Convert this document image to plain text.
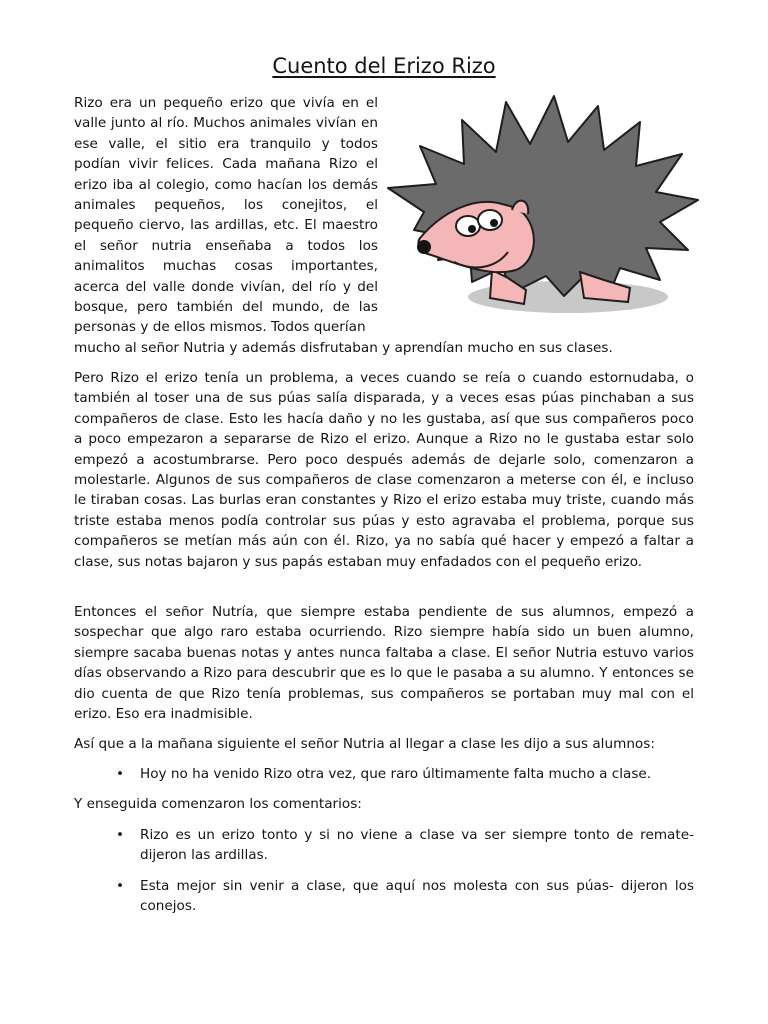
Cuento del Erizo Rizo

Rizo era un pequeño erizo que vivía en el valle junto al río. Muchos animales vivían en ese valle, el sitio era tranquilo y todos podían vivir felices. Cada mañana Rizo el erizo iba al colegio, como hacían los demás animales pequeños, los conejitos, el pequeño ciervo, las ardillas, etc. El maestro el señor nutria enseñaba a todos los animalitos muchas cosas importantes, acerca del valle donde vivían, del río y del bosque, pero también del mundo, de las personas y de ellos mismos. Todos querían

mucho al señor Nutria y además disfrutaban y aprendían mucho en sus clases.

Pero Rizo el erizo tenía un problema, a veces cuando se reía o cuando estornudaba, o también al toser una de sus púas salía disparada, y a veces esas púas pinchaban a sus compañeros de clase. Esto les hacía daño y no les gustaba, así que sus compañeros poco a poco empezaron a separarse de Rizo el erizo. Aunque a Rizo no le gustaba estar solo empezó a acostumbrarse. Pero poco después además de dejarle solo, comenzaron a molestarle. Algunos de sus compañeros de clase comenzaron a meterse con él, e incluso le tiraban cosas. Las burlas eran constantes y Rizo el erizo estaba muy triste, cuando más triste estaba menos podía controlar sus púas y esto agravaba el problema, porque sus compañeros se metían más aún con él. Rizo, ya no sabía qué hacer y empezó a faltar a clase, sus notas bajaron y sus papás estaban muy enfadados con el pequeño erizo.

Entonces el señor Nutría, que siempre estaba pendiente de sus alumnos, empezó a sospechar que algo raro estaba ocurriendo. Rizo siempre había sido un buen alumno, siempre sacaba buenas notas y antes nunca faltaba a clase. El señor Nutria estuvo varios días observando a Rizo para descubrir que es lo que le pasaba a su alumno. Y entonces se dio cuenta de que Rizo tenía problemas, sus compañeros se portaban muy mal con el erizo. Eso era inadmisible.

Así que a la mañana siguiente el señor Nutria al llegar a clase les dijo a sus alumnos:

•	Hoy no ha venido Rizo otra vez, que raro últimamente falta mucho a clase.

Y enseguida comenzaron los comentarios:

•	Rizo es un erizo tonto y si no viene a clase va ser siempre tonto de remate- dijeron las ardillas.
•	Esta mejor sin venir a clase, que aquí nos molesta con sus púas- dijeron los conejos.
